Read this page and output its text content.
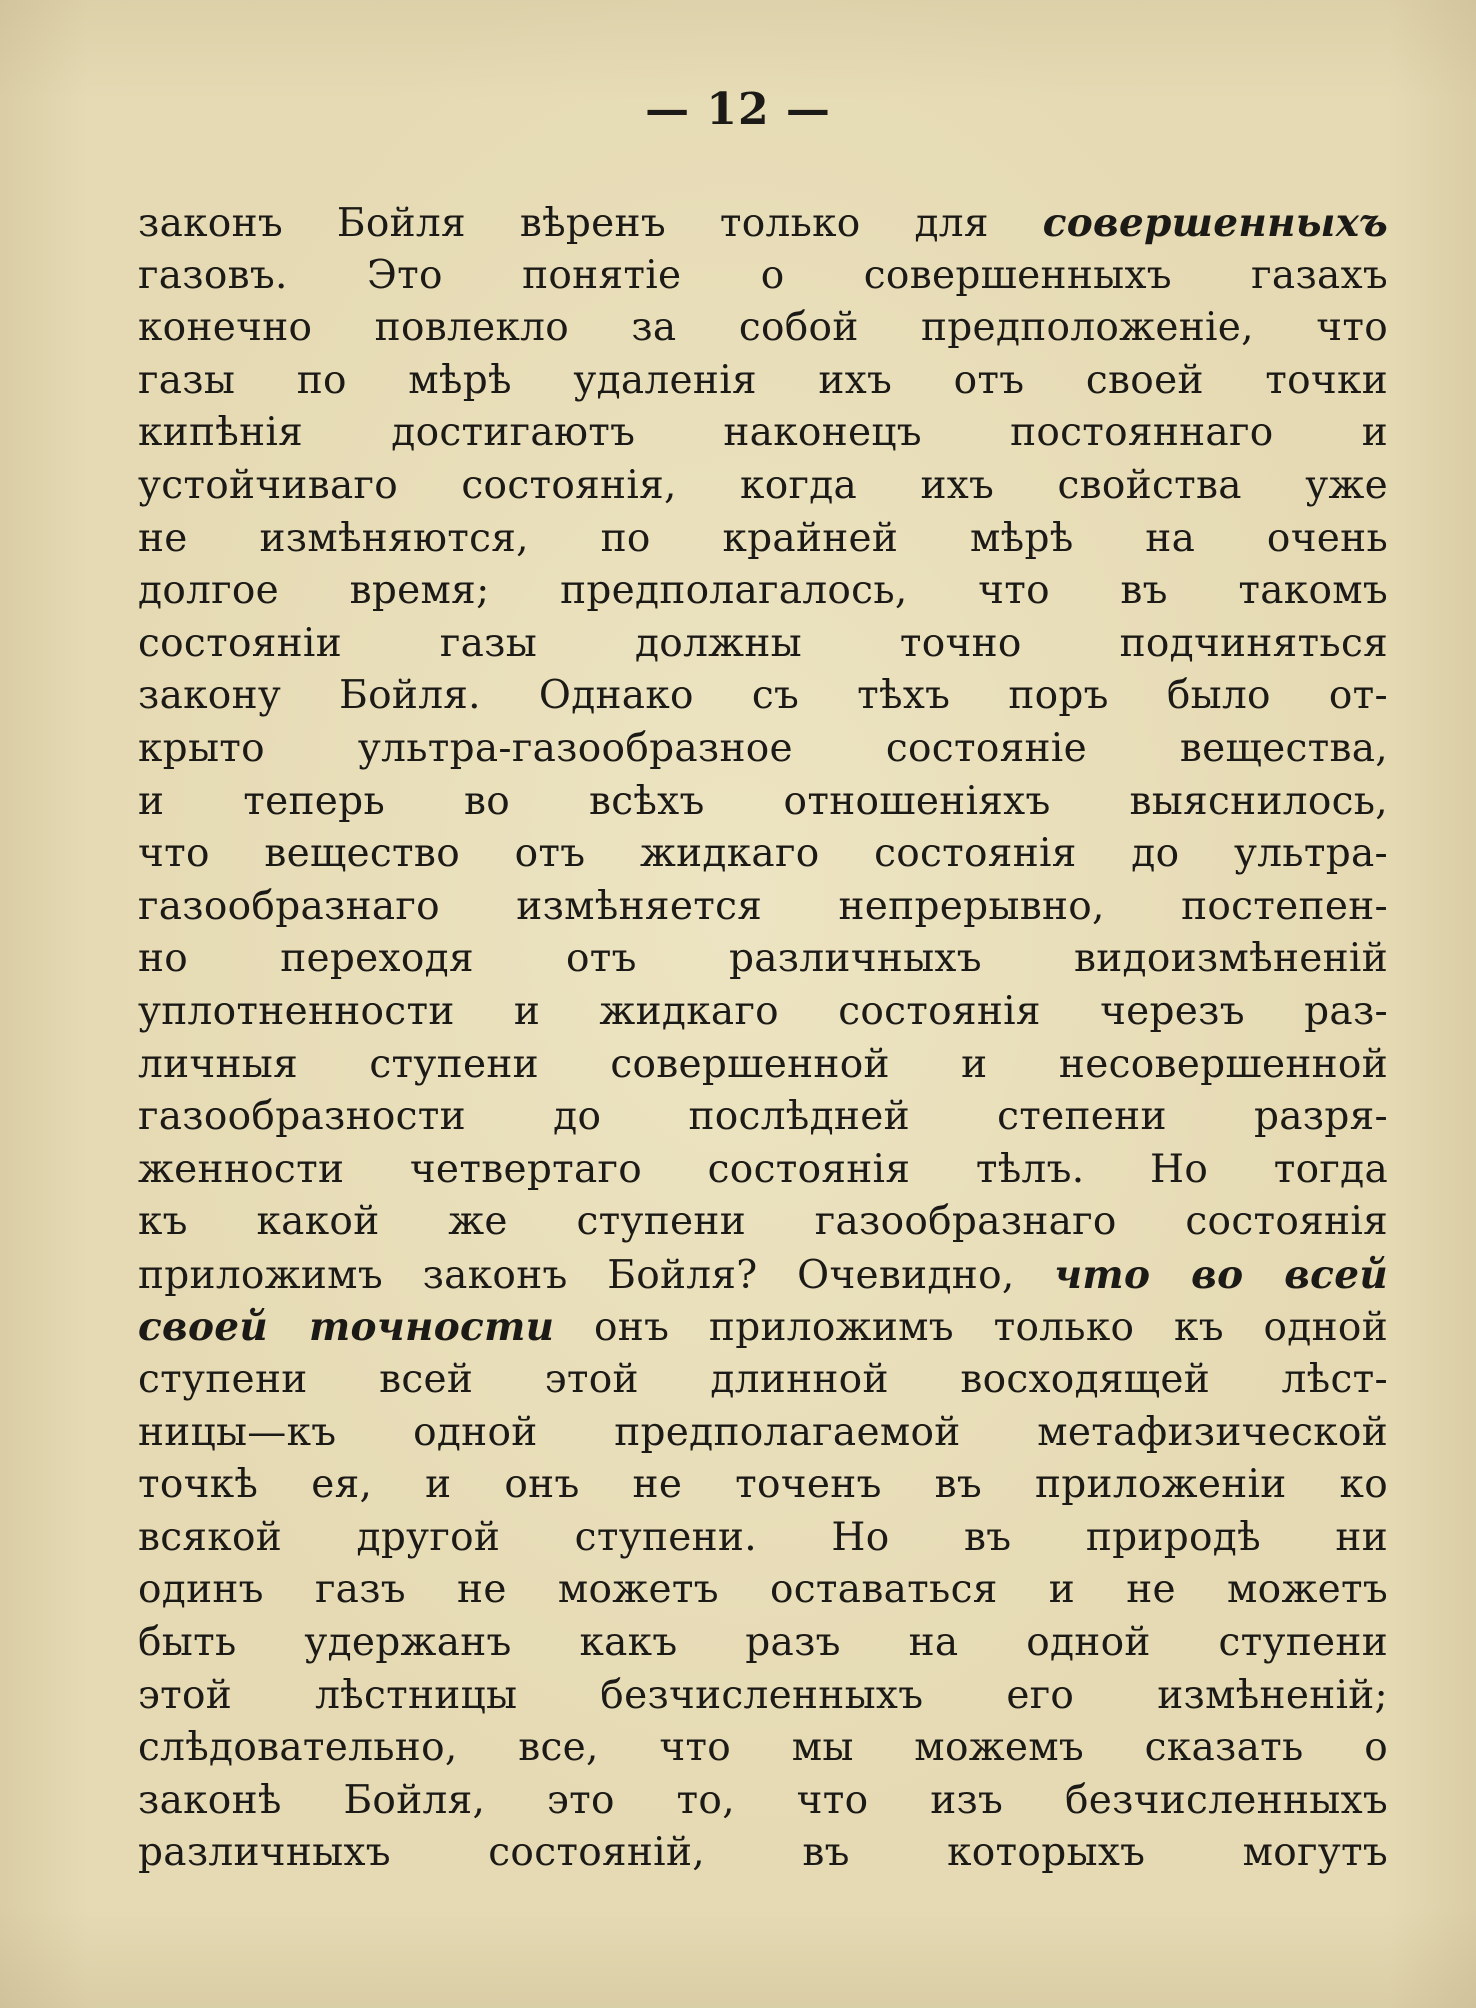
— 12 —
законъ Бойля вѣренъ только для совершенныхъ
газовъ. Это понятіе о совершенныхъ газахъ
конечно повлекло за собой предположеніе, что
газы по мѣрѣ удаленія ихъ отъ своей точки
кипѣнія достигаютъ наконецъ постояннаго и
устойчиваго состоянія, когда ихъ свойства уже
не измѣняются, по крайней мѣрѣ на очень
долгое время; предполагалось, что въ такомъ
состояніи газы должны точно подчиняться
закону Бойля. Однако съ тѣхъ поръ было от-
крыто ультра-газообразное состояніе вещества,
и теперь во всѣхъ отношеніяхъ выяснилось,
что вещество отъ жидкаго состоянія до ультра-
газообразнаго измѣняется непрерывно, постепен-
но переходя отъ различныхъ видоизмѣненій
уплотненности и жидкаго состоянія черезъ раз-
личныя ступени совершенной и несовершенной
газообразности до послѣдней степени разря-
женности четвертаго состоянія тѣлъ. Но тогда
къ какой же ступени газообразнаго состоянія
приложимъ законъ Бойля? Очевидно, что во всей
своей точности онъ приложимъ только къ одной
ступени всей этой длинной восходящей лѣст-
ницы—къ одной предполагаемой метафизической
точкѣ ея, и онъ не точенъ въ приложеніи ко
всякой другой ступени. Но въ природѣ ни
одинъ газъ не можетъ оставаться и не можетъ
быть удержанъ какъ разъ на одной ступени
этой лѣстницы безчисленныхъ его измѣненій;
слѣдовательно, все, что мы можемъ сказать о
законѣ Бойля, это то, что изъ безчисленныхъ
различныхъ состояній, въ которыхъ могутъ
